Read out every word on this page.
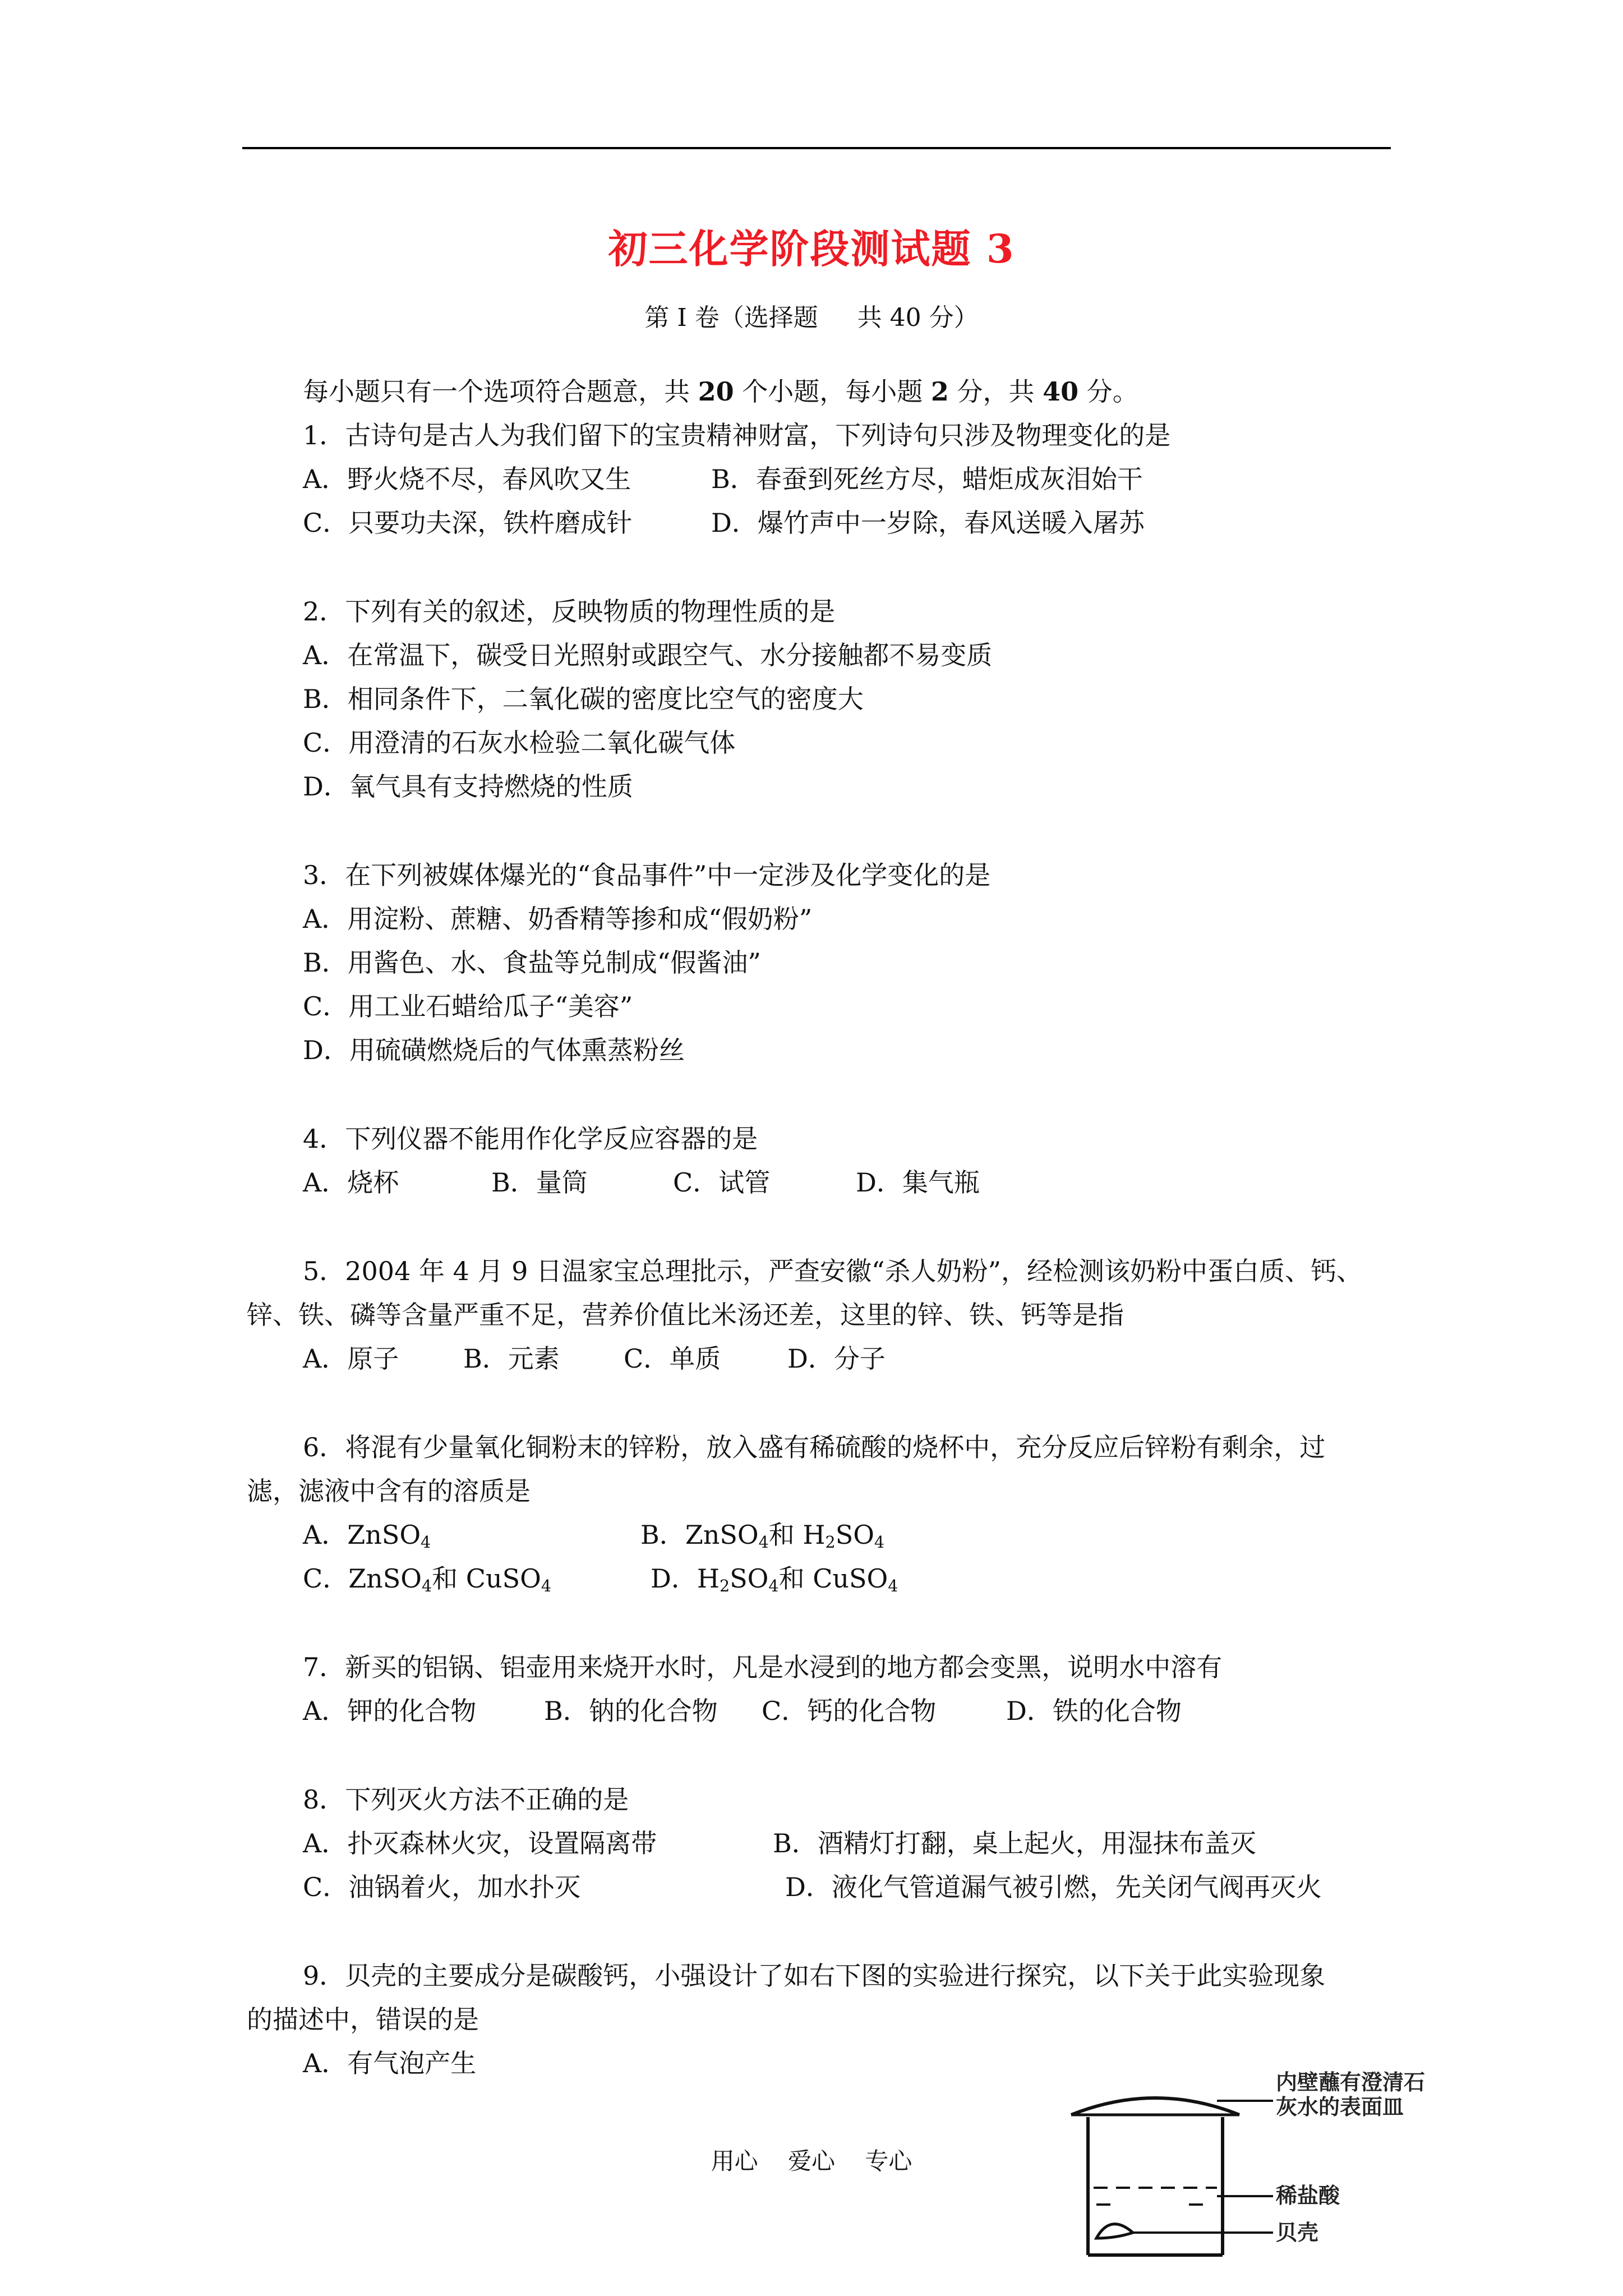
初三化学阶段测试题 3
第 I 卷（选择题     共 40 分）
每小题只有一个选项符合题意，共 20 个小题，每小题 2 分，共 40 分。
1．古诗句是古人为我们留下的宝贵精神财富，下列诗句只涉及物理变化的是
A．野火烧不尽，春风吹又生	B．春蚕到死丝方尽，蜡炬成灰泪始干
C．只要功夫深，铁杵磨成针	D．爆竹声中一岁除，春风送暖入屠苏
2．下列有关的叙述，反映物质的物理性质的是
A．在常温下，碳受日光照射或跟空气、水分接触都不易变质
B．相同条件下，二氧化碳的密度比空气的密度大
C．用澄清的石灰水检验二氧化碳气体
D．氧气具有支持燃烧的性质
3．在下列被媒体爆光的“食品事件”中一定涉及化学变化的是
A．用淀粉、蔗糖、奶香精等掺和成“假奶粉”
B．用酱色、水、食盐等兑制成“假酱油”
C．用工业石蜡给瓜子“美容”
D．用硫磺燃烧后的气体熏蒸粉丝
4．下列仪器不能用作化学反应容器的是
A．烧杯	B．量筒	C．试管	D．集气瓶
5．2004 年 4 月 9 日温家宝总理批示，严查安徽“杀人奶粉”，经检测该奶粉中蛋白质、钙、
锌、铁、磷等含量严重不足，营养价值比米汤还差，这里的锌、铁、钙等是指
A．原子 B．元素 C．单质	D．分子
6．将混有少量氧化铜粉末的锌粉，放入盛有稀硫酸的烧杯中，充分反应后锌粉有剩余，过
滤，滤液中含有的溶质是
A．ZnSO$_4$	B．ZnSO$_4$和 $H_2SO_4$
C．ZnSO$_4$和 CuSO$_4$	D．$H_2SO_4$和 CuSO$_4$
7．新买的铝锅、铝壶用来烧开水时，凡是水浸到的地方都会变黑，说明水中溶有
A．钾的化合物	B．钠的化合物 C．钙的化合物	D．铁的化合物
8．下列灭火方法不正确的是
A．扑灭森林火灾，设置隔离带	B．酒精灯打翻，桌上起火，用湿抹布盖灭
C．油锅着火，加水扑灭	D．液化气管道漏气被引燃，先关闭气阀再灭火
9．贝壳的主要成分是碳酸钙，小强设计了如右下图的实验进行探究，以下关于此实验现象
的描述中，错误的是
A．有气泡产生
内壁蘸有澄清石
灰水的表面皿
稀盐酸
贝壳
用心    爱心    专心
